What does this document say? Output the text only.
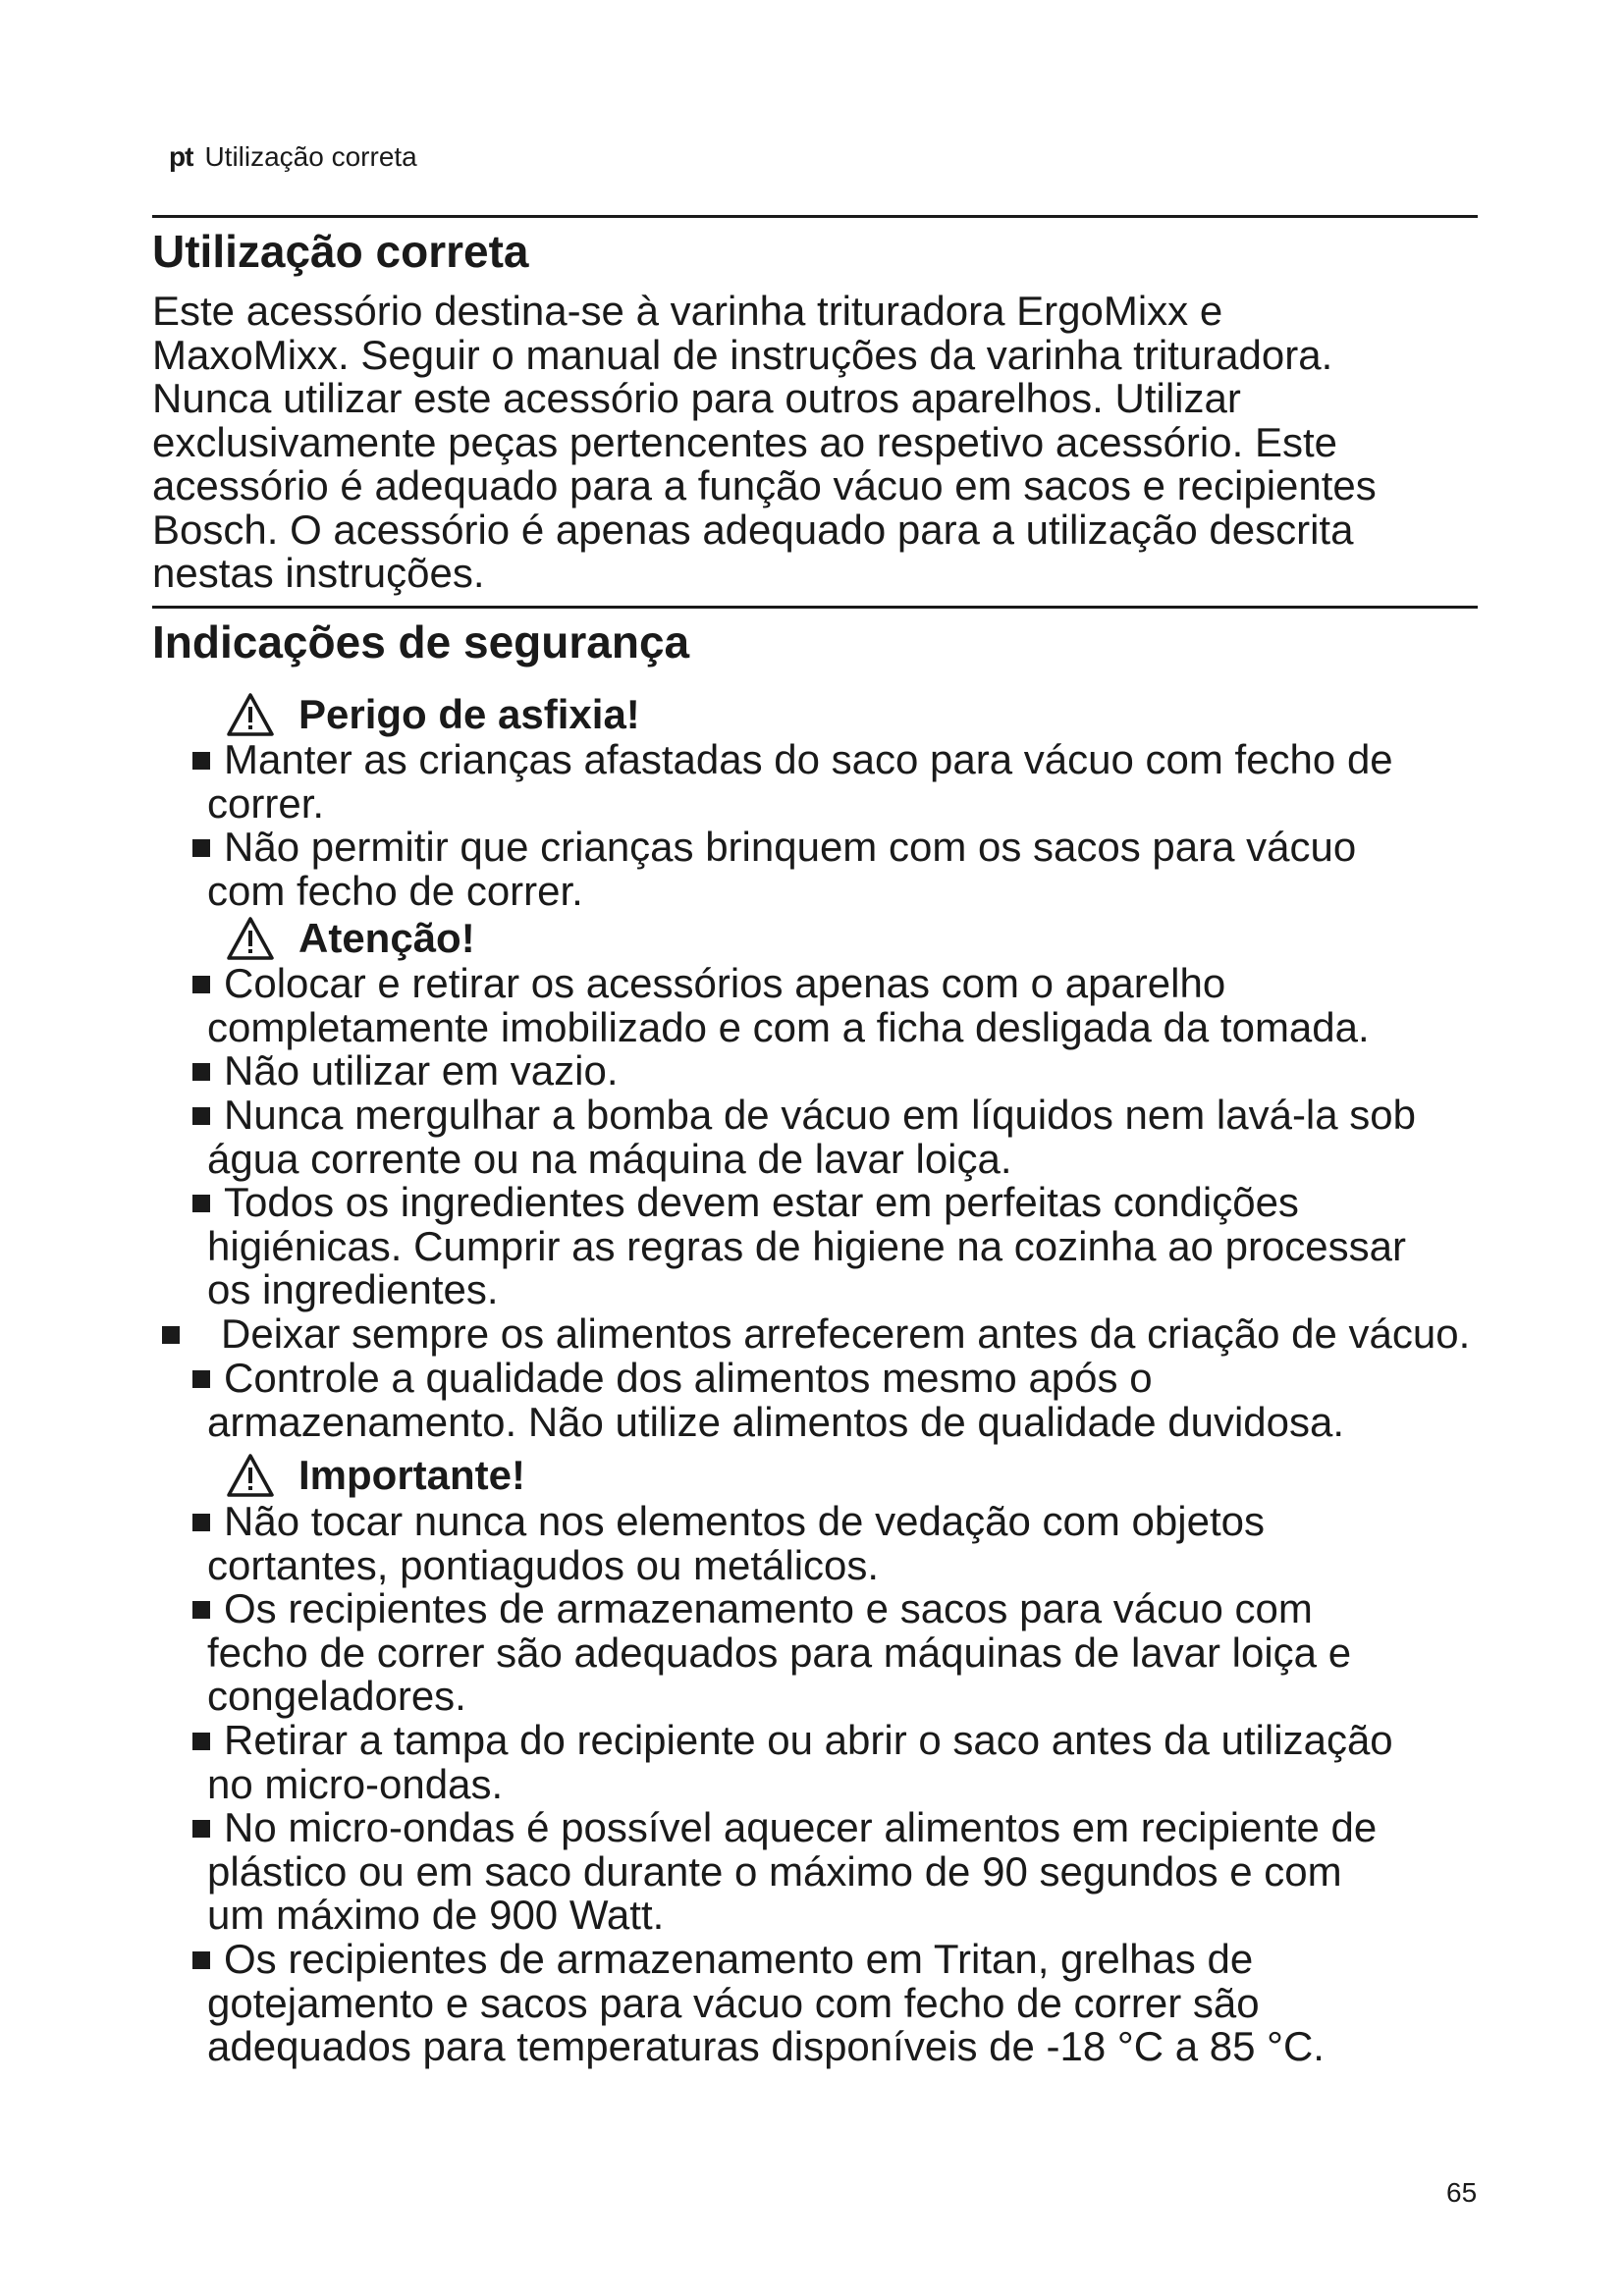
pt Utilização correta
Utilização correta
Este acessório destina-se à varinha trituradora ErgoMixx e
MaxoMixx. Seguir o manual de instruções da varinha trituradora.
Nunca utilizar este acessório para outros aparelhos. Utilizar
exclusivamente peças pertencentes ao respetivo acessório. Este
acessório é adequado para a função vácuo em sacos e recipientes
Bosch. O acessório é apenas adequado para a utilização descrita
nestas instruções.
Indicações de segurança
Perigo de asfixia!
Manter as crianças afastadas do saco para vácuo com fecho de
correr.
Não permitir que crianças brinquem com os sacos para vácuo
com fecho de correr.
Atenção!
Colocar e retirar os acessórios apenas com o aparelho
completamente imobilizado e com a ficha desligada da tomada.
Não utilizar em vazio.
Nunca mergulhar a bomba de vácuo em líquidos nem lavá-la sob
água corrente ou na máquina de lavar loiça.
Todos os ingredientes devem estar em perfeitas condições
higiénicas. Cumprir as regras de higiene na cozinha ao processar
os ingredientes.
Deixar sempre os alimentos arrefecerem antes da criação de vácuo.
Controle a qualidade dos alimentos mesmo após o
armazenamento. Não utilize alimentos de qualidade duvidosa.
Importante!
Não tocar nunca nos elementos de vedação com objetos
cortantes, pontiagudos ou metálicos.
Os recipientes de armazenamento e sacos para vácuo com
fecho de correr são adequados para máquinas de lavar loiça e
congeladores.
Retirar a tampa do recipiente ou abrir o saco antes da utilização
no micro-ondas.
No micro-ondas é possível aquecer alimentos em recipiente de
plástico ou em saco durante o máximo de 90 segundos e com
um máximo de 900 Watt.
Os recipientes de armazenamento em Tritan, grelhas de
gotejamento e sacos para vácuo com fecho de correr são
adequados para temperaturas disponíveis de -18 °C a 85 °C.
65
